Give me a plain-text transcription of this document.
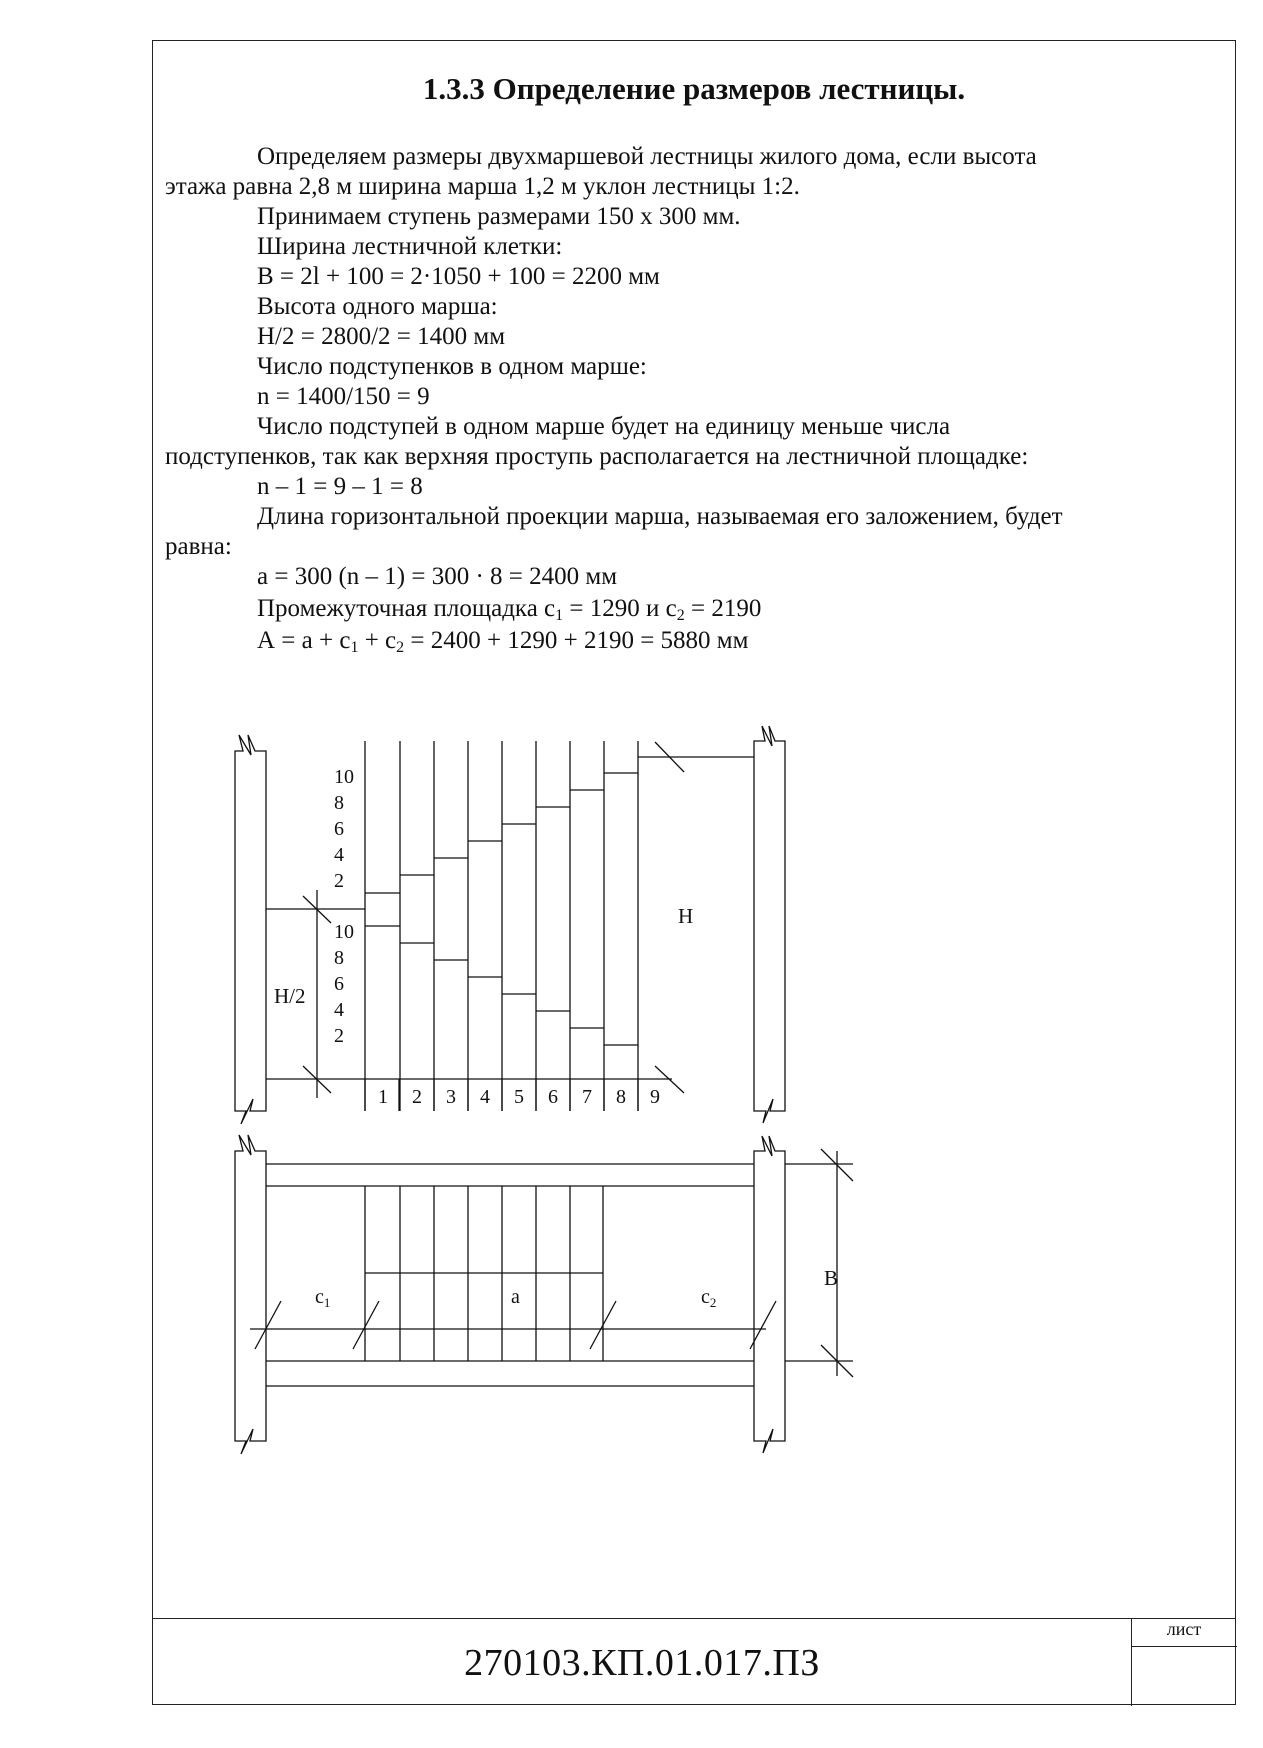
1.3.3 Определение размеров лестницы.
Определяем размеры двухмаршевой лестницы жилого дома, если высота
этажа равна 2,8 м ширина марша 1,2 м уклон лестницы 1:2.
Принимаем ступень размерами 150 х 300 мм.
Ширина лестничной клетки:
В = 2l + 100 = 2·1050 + 100 = 2200 мм
Высота одного марша:
Н/2 = 2800/2 = 1400 мм
Число подступенков в одном марше:
n = 1400/150 = 9
Число подступей в одном марше будет на единицу меньше числа
подступенков, так как верхняя проступь располагается на лестничной площадке:
n – 1 = 9 – 1 = 8
Длина горизонтальной проекции марша, называемая его заложением, будет
равна:
а = 300 (n – 1) = 300 · 8 = 2400 мм
Промежуточная площадка $с_1 = 1290$ и $с_2 = 2190$
$А = а + с_1 + с_2 = 2400 + 1290 + 2190 = 5880$ мм
10 8 6 4 2
10 8 6 4 2
1 2 3 4 5 6 7 8 9
Н
Н/2
$c_1$	а	$c_2$
В
лист
270103.КП.01.017.ПЗ
